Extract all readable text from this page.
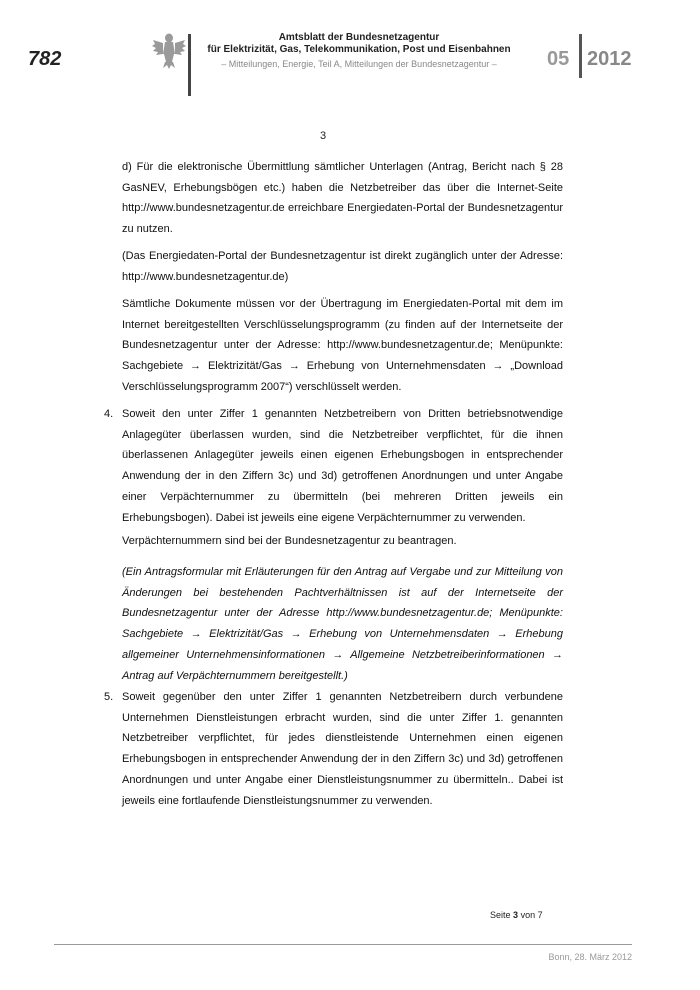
782
Amtsblatt der Bundesnetzagentur
für Elektrizität, Gas, Telekommunikation, Post und Eisenbahnen
– Mitteilungen, Energie, Teil A, Mitteilungen der Bundesnetzagentur –	05 2012
3

d) Für die elektronische Übermittlung sämtlicher Unterlagen (Antrag, Bericht nach § 28 GasNEV, Erhebungsbögen etc.) haben die Netzbetreiber das über die Internet-Seite http://www.bundesnetzagentur.de erreichbare Energiedaten-Portal der Bundesnetzagentur zu nutzen.

(Das Energiedaten-Portal der Bundesnetzagentur ist direkt zugänglich unter der Adresse: http://www.bundesnetzagentur.de)

Sämtliche Dokumente müssen vor der Übertragung im Energiedaten-Portal mit dem im Internet bereitgestellten Verschlüsselungsprogramm (zu finden auf der Internetseite der Bundesnetzagentur unter der Adresse: http://www.bundesnetzagentur.de; Menüpunkte: Sachgebiete → Elektrizität/Gas → Erhebung von Unternehmensdaten → „Download Verschlüsselungsprogramm 2007“) verschlüsselt werden.

4. Soweit den unter Ziffer 1 genannten Netzbetreibern von Dritten betriebsnotwendige Anlagegüter überlassen wurden, sind die Netzbetreiber verpflichtet, für die ihnen überlassenen Anlagegüter jeweils einen eigenen Erhebungsbogen in entsprechender Anwendung der in den Ziffern 3c) und 3d) getroffenen Anordnungen und unter Angabe einer Verpächternummer zu übermitteln (bei mehreren Dritten jeweils ein Erhebungsbogen). Dabei ist jeweils eine eigene Verpächternummer zu verwenden.

Verpächternummern sind bei der Bundesnetzagentur zu beantragen.

(Ein Antragsformular mit Erläuterungen für den Antrag auf Vergabe und zur Mitteilung von Änderungen bei bestehenden Pachtverhältnissen ist auf der Internetseite der Bundesnetzagentur unter der Adresse http://www.bundesnetzagentur.de; Menüpunkte: Sachgebiete → Elektrizität/Gas → Erhebung von Unternehmensdaten → Erhebung allgemeiner Unternehmensinformationen → Allgemeine Netzbetreiberinformationen → Antrag auf Verpächternummern bereitgestellt.)

5. Soweit gegenüber den unter Ziffer 1 genannten Netzbetreibern durch verbundene Unternehmen Dienstleistungen erbracht wurden, sind die unter Ziffer 1. genannten Netzbetreiber verpflichtet, für jedes dienstleistende Unternehmen einen eigenen Erhebungsbogen in entsprechender Anwendung der in den Ziffern 3c) und 3d) getroffenen Anordnungen und unter Angabe einer Dienstleistungsnummer zu übermitteln.. Dabei ist jeweils eine fortlaufende Dienstleistungsnummer zu verwenden.
Seite 3 von 7
Bonn, 28. März 2012
